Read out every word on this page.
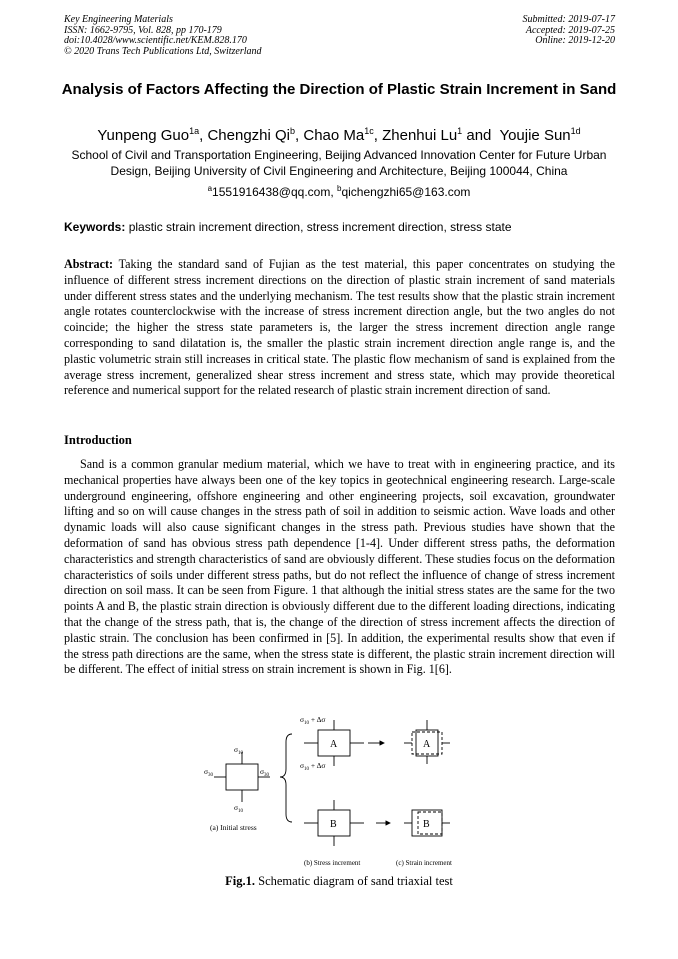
Key Engineering Materials
ISSN: 1662-9795, Vol. 828, pp 170-179
doi:10.4028/www.scientific.net/KEM.828.170
© 2020 Trans Tech Publications Ltd, Switzerland
Submitted: 2019-07-17
Accepted: 2019-07-25
Online: 2019-12-20
Analysis of Factors Affecting the Direction of Plastic Strain Increment in Sand
Yunpeng Guo$^{1a}$, Chengzhi Qi$^b$, Chao $Ma^{1c}$, Zhenhui Lu$^1$ and  Youjie Sun$^{1d}$
School of Civil and Transportation Engineering, Beijing Advanced Innovation Center for Future Urban Design, Beijing University of Civil Engineering and Architecture, Beijing 100044, China
$^a$1551916438@qq.com, $^b$qichengzhi65@163.com
Keywords: plastic strain increment direction, stress increment direction, stress state
Abstract: Taking the standard sand of Fujian as the test material, this paper concentrates on studying the influence of different stress increment directions on the direction of plastic strain increment of sand materials under different stress states and the underlying mechanism. The test results show that the plastic strain increment angle rotates counterclockwise with the increase of stress increment direction angle, but the two angles do not coincide; the higher the stress state parameters is, the larger the stress increment direction angle range corresponding to sand dilatation is, the smaller the plastic strain increment direction angle range is, and the plastic volumetric strain still increases in critical state. The plastic flow mechanism of sand is explained from the average stress increment, generalized shear stress increment and stress state, which may provide theoretical reference and numerical support for the related research of plastic strain increment direction of sand.
Introduction

Sand is a common granular medium material, which we have to treat with in engineering practice, and its mechanical properties have always been one of the key topics in geotechnical engineering research. Large-scale underground engineering, offshore engineering and other engineering projects, soil excavation, groundwater lifting and so on will cause changes in the stress path of soil in addition to seismic action. Wave loads and other dynamic loads will also cause significant changes in the stress path. Previous studies have shown that the deformation of sand has obvious stress path dependence [1-4]. Under different stress paths, the deformation characteristics and strength characteristics of sand are obviously different. These studies focus on the deformation characteristics of soils under different stress paths, but do not reflect the influence of change of stress increment direction on soil mass. It can be seen from Figure. 1 that although the initial stress states are the same for the two points A and B, the plastic strain direction is obviously different due to the different loading directions, indicating that the change of the stress path, that is, the change of the direction of stress increment affects the direction of plastic strain. The conclusion has been confirmed in [5]. In addition, the experimental results show that even if the stress path directions are the same, when the stress state is different, the plastic strain increment direction will be different. The effect of initial stress on strain increment is shown in Fig. 1[6].

$\sigma_{10}$
$\sigma_{10}$
$\sigma_{30}$	$\sigma_{30}$
$\sigma_{10} + \Delta\sigma$
$\sigma_{10} + \Delta\sigma$
A	A
B	B
(a) Initial stress
(b) Stress increment	(c) Strain increment
Fig.1. Schematic diagram of sand triaxial test
